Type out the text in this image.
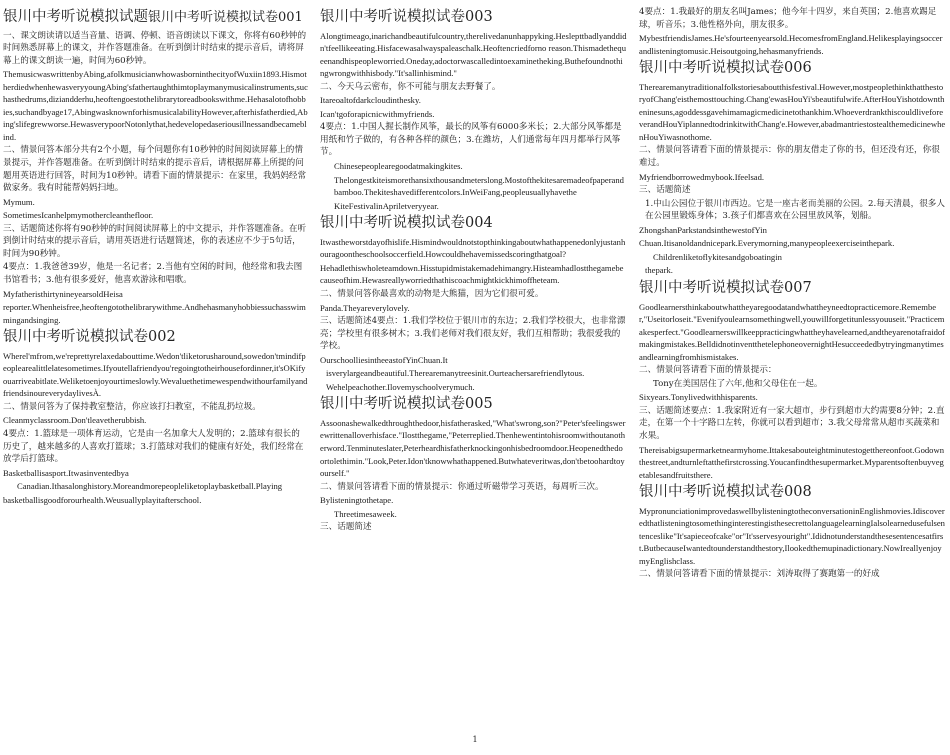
银川中考听说模拟试题银川中考听说模拟试卷001

一、课文朗读请以适当音量、语调、停顿、语音朗读以下课文，你将有60秒钟的时间熟悉屏幕上的课文，并作答题准备。在听到倒计时结束的提示音后，请将屏幕上的课文朗读一遍，时间为60秒钟。

ThemusicwaswrittenbyAbing,afolkmusicianwhowasborninthecityofWuxiin1893.HismotherdiedwhenhewasveryyoungAbing'sfathertaughthimtoplaymanymusicalinstruments,suchasthedrums,diziandderhu,heoftengoestothelibrarytoreadbookswithme.Hehasalotofhobbies,suchandbyage17,AbingwasknownforhismusicalabilityHowever,afterhisfatherdied,Abing'slifegrewworse.HewasverypoorNotonlythat,hedevelopedaseriousillnessandbecameblind.

二、情景问答本部分共有2个小题，每个问题你有10秒钟的时间阅读屏幕上的情景提示，并作答题准备。在听到倒计时结束的提示音后，请根据屏幕上所提的问题用英语进行回答，时间为10秒钟。请看下面的情景提示：在家里，我妈妈经常做家务。我有时能帮妈妈扫地。

Mymum.

SometimesIcanhelpmymothercleanthefloor.

三、话题简述你将有90秒钟的时间阅读屏幕上的中文提示，并作答题准备。在听到倒计时结束的提示音后，请用英语进行话题简述，你的表述应不少于5句话，时间为90秒钟。

4要点：1.我爸爸39岁，他是一名记者；2.当他有空闲的时间，他经常和我去图书馆看书；3.他有很多爱好，他喜欢游泳和唱歌。

MyfatheristhirtynineyearsoldHeisa

reporter.Whenheisfree,heoftengotothelibrarywithme.Andhehasmanyhobbiessuchasswimmingandsinging.

银川中考听说模拟试卷002

Wherel'mfrom,we'reprettyrelaxedabouttime.Wedon'tliketorusharound,sowedon'tmindifpeoplearealittlelatesometimes.Ifyoutellafriendyou'regoingtotheirhousefordinner,it'sOKifyouarriveabitlate.Weliketoenjoyourtimeslowly.WevaluethetimewespendwithourfamilyandfriendsinoureverydaylivesÀ.

二、情景问答为了保持教室整洁，你应该打扫教室，不能乱扔垃圾。

Cleanmyclassroom.Don'tleavetherubbish.

4要点：1.篮球是一项体育运动，它是由一名加拿大人发明的；2.篮球有很长的历史了，越来越多的人喜欢打篮球；3.打篮球对我们的健康有好处，我们经常在放学后打篮球。

Basketballisasport.Itwasinventedbya

Canadian.Ithasalonghistory.Moreandmorepeopleliketoplaybasketball.Playing

basketballisgoodforourhealth.Weusuallyplayitafterschool.

银川中考听说模拟试卷003

Alongtimeago,inarichandbeautifulcountry,therelivedanunhappyking.Heslepttbadlyanddidn'tfeellikeeating.Hisfacewasalwayspaleaschalk.Heoftencriedforno reason.Thismadethequeenandhispeopleworried.Oneday,adoctorwascalledintoexaminetheking.Buthefoundnothingwrongwithhisbody."It'sallinhismind."

二、今天乌云密布，你不可能与朋友去野餐了。

Itareoaltofdarkcloudinthesky.

Ican'tgoforapicnicwithmyfriends.

4要点：1.中国人握长制作风筝，最长的风筝有6000多米长；2.大部分风筝都是用纸和竹子做的，有各种各样的颜色；3.在潍坊，人们通常每年四月都举行风筝节。

Chinesepeoplearegoodatmakingkites.

Thelongestkiteismorethansixthousandmeterslong.Mostofthekitesaremadeofpaperandbamboo.Thekiteshavedifferentcolors.InWeiFang,peopleusuallyhavethe

KiteFestivalinApriletveryyear.

银川中考听说模拟试卷004

Itwastheworstdayofhislife.Hismindwouldnotstopthinkingaboutwhathappenedonlyjustanhouragoontheschoolsoccerfield.Howcouldhehavemissedscoringthatgoal?

Hehadlethiswholeteamdown.Hisstupidmistakemadehimangry.Histeamhadlostthegamebecauseofhim.Hewasreallyworriedthathiscoachmightkickhimoffheteam.

二、情景问答你最喜欢的动物是大熊猫，因为它们很可爱。

Panda.Theyareverylovely.

三、话题简述4要点：1.我们学校位于银川市的东边；2.我们学校很大，也非常漂亮；学校里有很多树木；3.我们老师对我们很友好，我们互相帮助；我很爱我的学校。

OurschoolliesintheeastofYinChuan.It

isverylargeandbeautiful.Therearemanytreesinit.Ourteachersarefriendlytous.

Wehelpeachother.Ilovemyschoolverymuch.

银川中考听说模拟试卷005

Assoonashewalkedthroughthedoor,hisfatherasked,"What'swrong,son?"Peter'sfeelingswerewrittenalloverhisface."Ilostthegame,"Peterreplied.Thenhewentintohisroomwithoutanotherword.Tenminuteslater,Peterheardhisfatherknockingonhisbedroomdoor.Heopenedthedoortolethimin."Look,Peter.Idon'tknowwhathappened.Butwhateveritwas,don'tbetoohardtoyourself."

二、情景问答请看下面的情景提示：你通过听磁带学习英语，每周听三次。

Bylisteningtothetape.

Threetimesaweek.

三、话题简述

4要点：1.我最好的朋友名叫James；他今年十四岁，来自英国；2.他喜欢踢足球，听音乐；3.他性格外向，朋友很多。

MybestfriendisJames.He'sfourteenyearsold.HecomesfromEngland.Helikesplayingsoccerandlisteningtomusic.Heisoutgoing,hehasmanyfriends.

银川中考听说模拟试卷006

Therearemanytraditionalfolkstoriesaboutthisfestival.However,mostpeoplethinkthatthestoryofChang'eisthemosttouching.Chang'ewasHouYi'sbeautifulwife.AfterHouYishotdowntheninesuns,agoddessgavehimamagicmedicinetothankhim.WhoeverdrankthiscouldliveforeverandHouYiplannedtodrinkitwithChang'e.However,abadmantriestostealthemedicinewhenHouYiwasnothome.

二、情景问答请看下面的情景提示：你的朋友借走了你的书，但还没有还，你很难过。

Myfriendborrowedmybook.Ifeelsad.

三、话题简述

1.中山公园位于银川市西边。它是一座古老而美丽的公园。2.每天清晨，很多人在公园里锻炼身体；3.孩子们都喜欢在公园里放风筝，划船。

ZhongshanParkstandsinthewestofYin

Chuan.Itisanoldandnicepark.Everymorning,manypeopleexerciseinthepark.

Childrenliketoflykitesandgoboatingin

thepark.

银川中考听说模拟试卷007

Goodlearnersthinkaboutwhattheyaregoodatandwhattheyneedtopracticemore.Remember,"Useitorloseit."Evenifyoulearnsomethingwell,youwillforgetitunlessyouuseit."Practicemakesperfect."Goodlearnerswillkeeppracticingwhattheyhavelearned,andtheyarenotafraidofmakingmistakes.BelldidnotinventthetelephoneovernightHesucceededbytryingmanytimesandlearningfromhismistakes.

二、情景问答请看下面的情景提示：

Tony在美国居住了六年,他和父母住在一起。

Sixyears.Tonylivedwithhisparents.

三、话题简述要点：1.我家附近有一家大超市，步行到超市大约需要8分钟；2.直走，在第一个十字路口左转，你就可以看到超市；3.我父母常常从超市买蔬菜和水果。

Thereisabigsupermarketnearmyhome.Ittakesabouteightminutestogetthereonfoot.Godownthestreet,andturnleftatthefirstcrossing.Youcanfindthesupermarket.Myparentsoftenbuyvegetablesandfruitsthere.

银川中考听说模拟试卷008

MypronunciationimprovedaswellbylisteningtotheconversationinEnglishmovies.IdiscoveredthatlisteningtosomethinginterestingisthesecrettolanguagelearningIalsolearnedusefulsentenceslike"It'sapieceofcake"or"It'sservesyouright".Ididnotunderstandthesesentencesatfirst.ButbecauseIwantedtounderstandthestory,Ilookedthemupinadictionary.NowIreallyenjoymyEnglishclass.

二、情景问答请看下面的情景提示：刘涛取得了赛跑第一的好成

1
